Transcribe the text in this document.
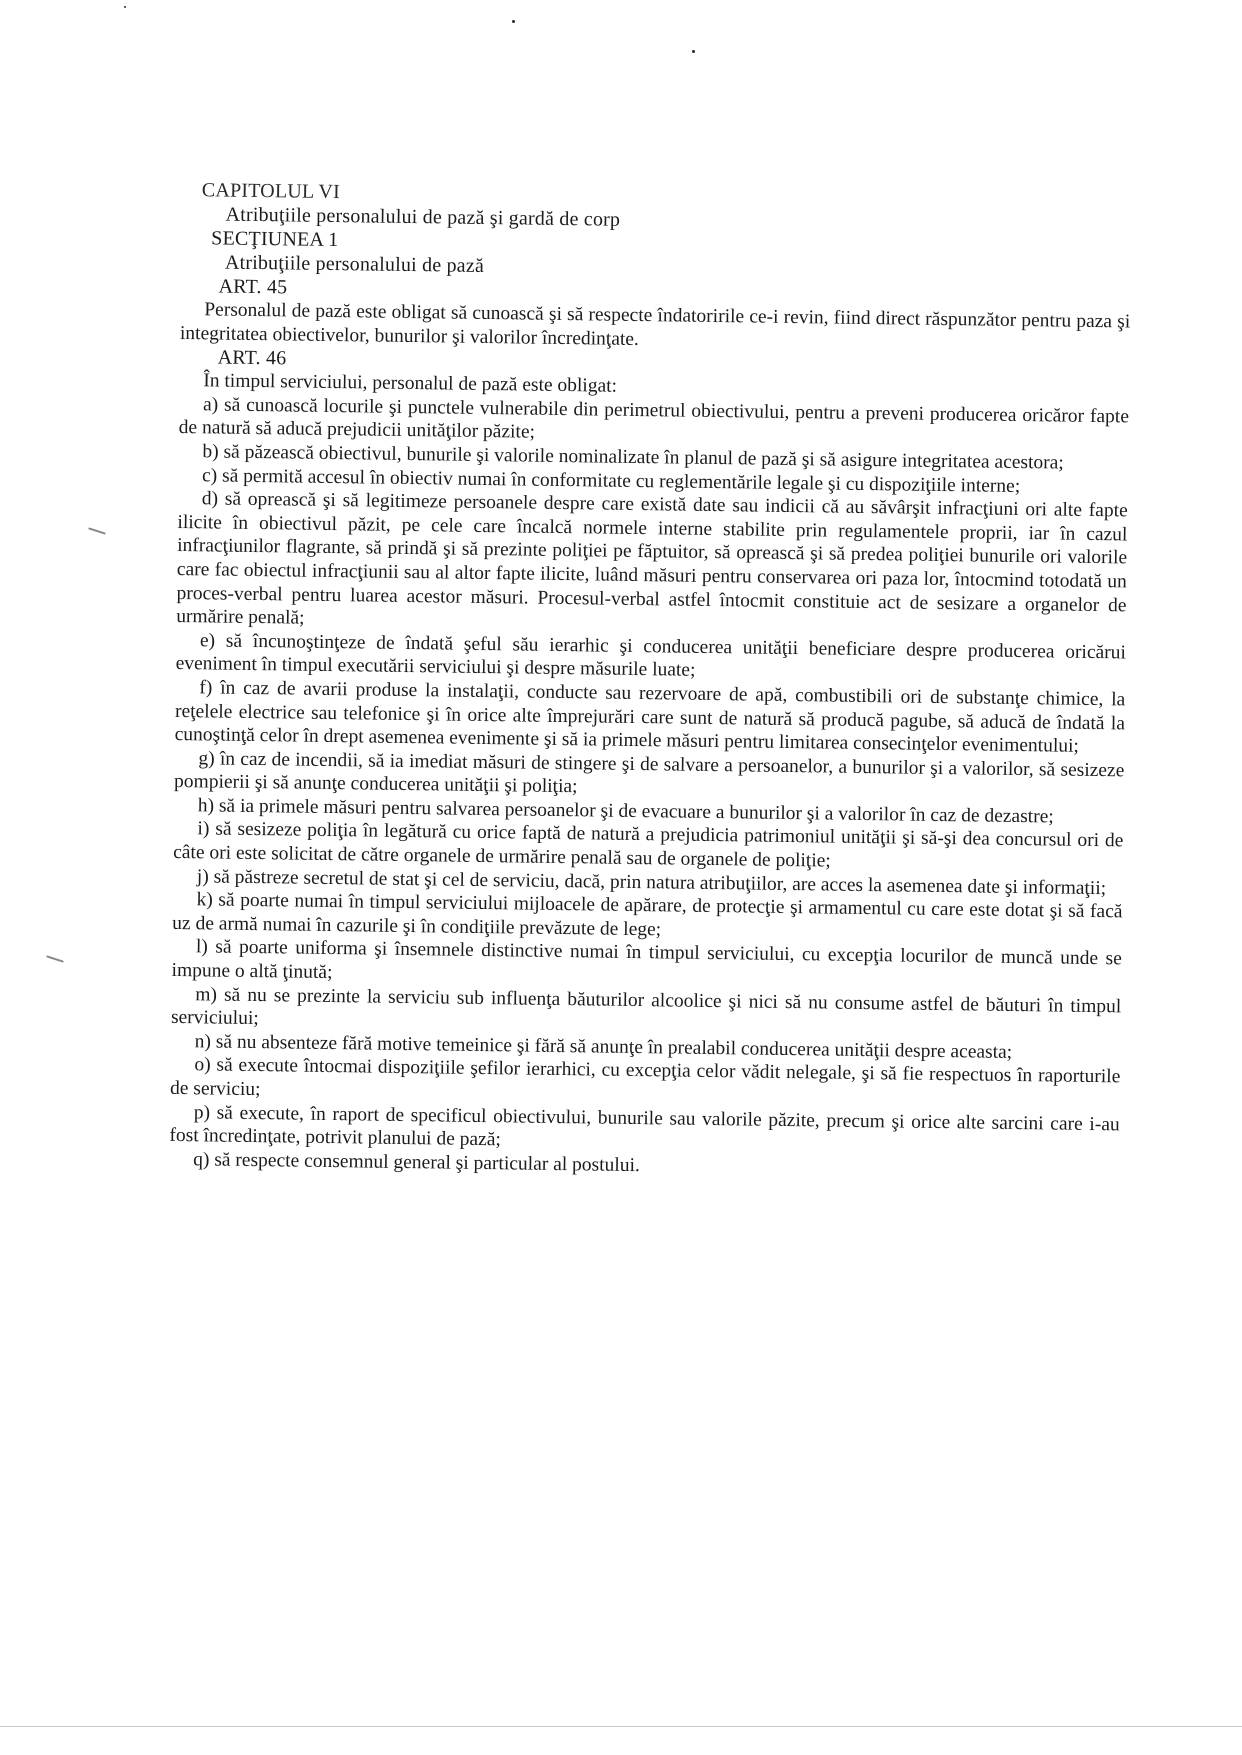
CAPITOLUL VI
Atribuţiile personalului de pază şi gardă de corp
SECŢIUNEA 1
Atribuţiile personalului de pază
ART. 45

Personalul de pază este obligat să cunoască şi să respecte îndatoririle ce-i revin, fiind direct răspunzător pentru paza şi integritatea obiectivelor, bunurilor şi valorilor încredinţate.

ART. 46

În timpul serviciului, personalul de pază este obligat:

a) să cunoască locurile şi punctele vulnerabile din perimetrul obiectivului, pentru a preveni producerea oricăror fapte de natură să aducă prejudicii unităţilor păzite;

b) să păzească obiectivul, bunurile şi valorile nominalizate în planul de pază şi să asigure integritatea acestora;

c) să permită accesul în obiectiv numai în conformitate cu reglementările legale şi cu dispoziţiile interne;

d) să oprească şi să legitimeze persoanele despre care există date sau indicii că au săvârşit infracţiuni ori alte fapte ilicite în obiectivul păzit, pe cele care încalcă normele interne stabilite prin regulamentele proprii, iar în cazul infracţiunilor flagrante, să prindă şi să prezinte poliţiei pe făptuitor, să oprească şi să predea poliţiei bunurile ori valorile care fac obiectul infracţiunii sau al altor fapte ilicite, luând măsuri pentru conservarea ori paza lor, întocmind totodată un proces-verbal pentru luarea acestor măsuri. Procesul-verbal astfel întocmit constituie act de sesizare a organelor de urmărire penală;

e) să încunoştinţeze de îndată şeful său ierarhic şi conducerea unităţii beneficiare despre producerea oricărui eveniment în timpul executării serviciului şi despre măsurile luate;

f) în caz de avarii produse la instalaţii, conducte sau rezervoare de apă, combustibili ori de substanţe chimice, la reţelele electrice sau telefonice şi în orice alte împrejurări care sunt de natură să producă pagube, să aducă de îndată la cunoştinţă celor în drept asemenea evenimente şi să ia primele măsuri pentru limitarea consecinţelor evenimentului;

g) în caz de incendii, să ia imediat măsuri de stingere şi de salvare a persoanelor, a bunurilor şi a valorilor, să sesizeze pompierii şi să anunţe conducerea unităţii şi poliţia;

h) să ia primele măsuri pentru salvarea persoanelor şi de evacuare a bunurilor şi a valorilor în caz de dezastre;

i) să sesizeze poliţia în legătură cu orice faptă de natură a prejudicia patrimoniul unităţii şi să-şi dea concursul ori de câte ori este solicitat de către organele de urmărire penală sau de organele de poliţie;

j) să păstreze secretul de stat şi cel de serviciu, dacă, prin natura atribuţiilor, are acces la asemenea date şi informaţii;

k) să poarte numai în timpul serviciului mijloacele de apărare, de protecţie şi armamentul cu care este dotat şi să facă uz de armă numai în cazurile şi în condiţiile prevăzute de lege;

l) să poarte uniforma şi însemnele distinctive numai în timpul serviciului, cu excepţia locurilor de muncă unde se impune o altă ţinută;

m) să nu se prezinte la serviciu sub influenţa băuturilor alcoolice şi nici să nu consume astfel de băuturi în timpul serviciului;

n) să nu absenteze fără motive temeinice şi fără să anunţe în prealabil conducerea unităţii despre aceasta;

o) să execute întocmai dispoziţiile şefilor ierarhici, cu excepţia celor vădit nelegale, şi să fie respectuos în raporturile de serviciu;

p) să execute, în raport de specificul obiectivului, bunurile sau valorile păzite, precum şi orice alte sarcini care i-au fost încredinţate, potrivit planului de pază;

q) să respecte consemnul general şi particular al postului.
